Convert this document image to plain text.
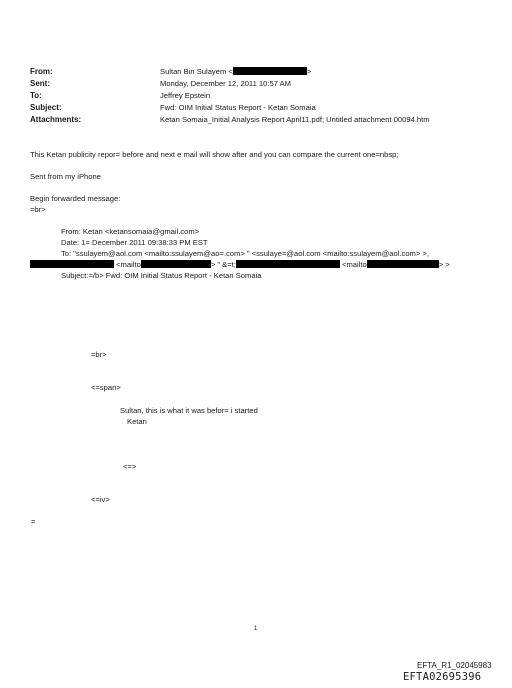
From:	Sultan Bin Sulayem <	>
Sent:	Monday, December 12, 2011 10:57 AM
To:	Jeffrey Epstein
Subject:	Fwd: OIM Initial Status Report - Ketan Somaia
Attachments:	Ketan Somaia_Initial Analysis Report April11.pdf; Untitled attachment 00094.htm
This Ketan publicity repor= before and next e mail will show after and you can compare the current one=nbsp;
Sent from my iPhone
Begin forwarded message:
=br>
From: Ketan <ketansomaia@gmail.com>
Date: 1= December 2011 09:38:33 PM EST
To: "ssulayem@aol.com <mailto:ssulayem@ao=.com> " <ssulaye=@aol.com <mailto:ssulayem@aol.com> >,
<mailto	> " &=t;	<mailto	> >
Subject:=/b> Fwd: OIM Initial Status Report - Ketan Somaia
=br>
<=span>
Sultan, this is what it was befor= i started
Ketan
<=>
<=iv>
=
1
EFTA_R1_02045983
EFTA02695396
